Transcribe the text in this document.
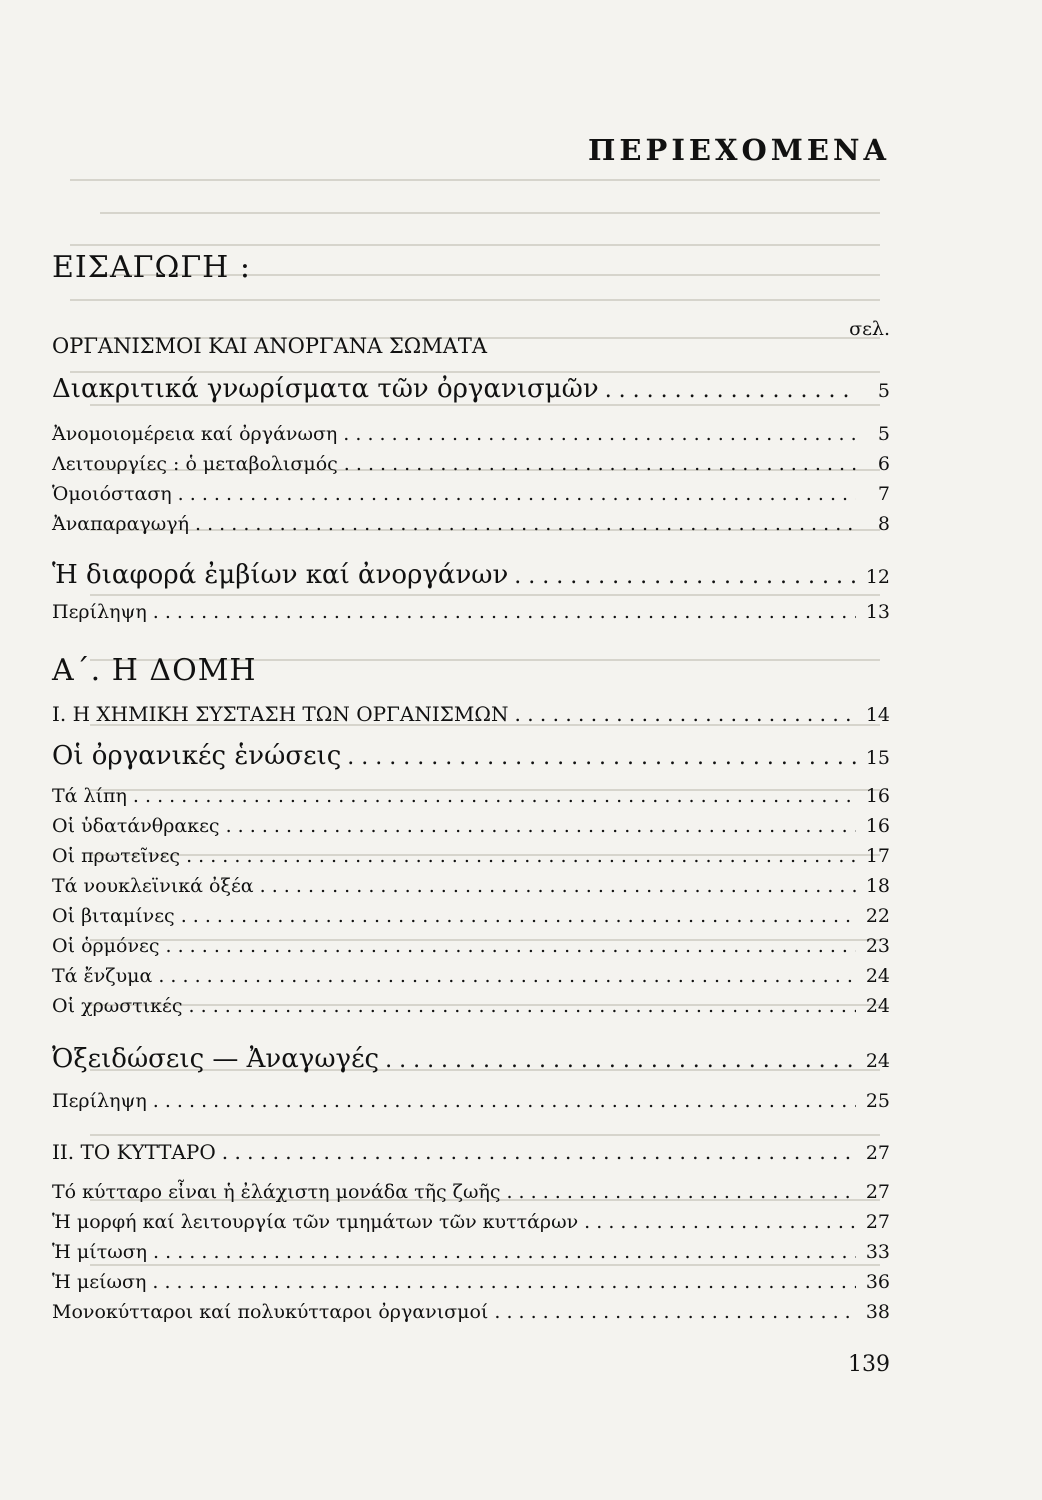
ΠΕΡΙΕΧΟΜΕΝΑ
ΕΙΣΑΓΩΓΗ :
σελ.
ΟΡΓΑΝΙΣΜΟΙ ΚΑΙ ΑΝΟΡΓΑΝΑ ΣΩΜΑΤΑ
Διακριτικά γνωρίσματα τῶν ὀργανισμῶν . . .	5
Ἀνομοιομέρεια καί ὀργάνωση . . .	5
Λειτουργίες : ὁ μεταβολισμός . . .	6
Ὁμοιόσταση . . .	7
Ἀναπαραγωγή . . .	8
Ἡ διαφορά ἐμβίων καί ἀνοργάνων . . .	12
Περίληψη . . .	13
Α΄. Η ΔΟΜΗ
Ι. Η ΧΗΜΙΚΗ ΣΥΣΤΑΣΗ ΤΩΝ ΟΡΓΑΝΙΣΜΩΝ . . .	14
Οἱ ὀργανικές ἑνώσεις . . .	15
Τά λίπη . . .	16
Οἱ ὑδατάνθρακες . . .	16
Οἱ πρωτεῖνες . . .	17
Τά νουκλεϊνικά ὀξέα . . .	18
Οἱ βιταμίνες . . .	22
Οἱ ὁρμόνες . . .	23
Τά ἔνζυμα . . .	24
Οἱ χρωστικές . . .	24
Ὀξειδώσεις — Ἀναγωγές . . .	24
Περίληψη . . .	25
ΙΙ. ΤΟ ΚΥΤΤΑΡΟ . . .	27
Τό κύτταρο εἶναι ἡ ἐλάχιστη μονάδα τῆς ζωῆς . . .	27
Ἡ μορφή καί λειτουργία τῶν τμημάτων τῶν κυττάρων . . .	27
Ἡ μίτωση . . .	33
Ἡ μείωση . . .	36
Μονοκύτταροι καί πολυκύτταροι ὀργανισμοί . . .	38
139
